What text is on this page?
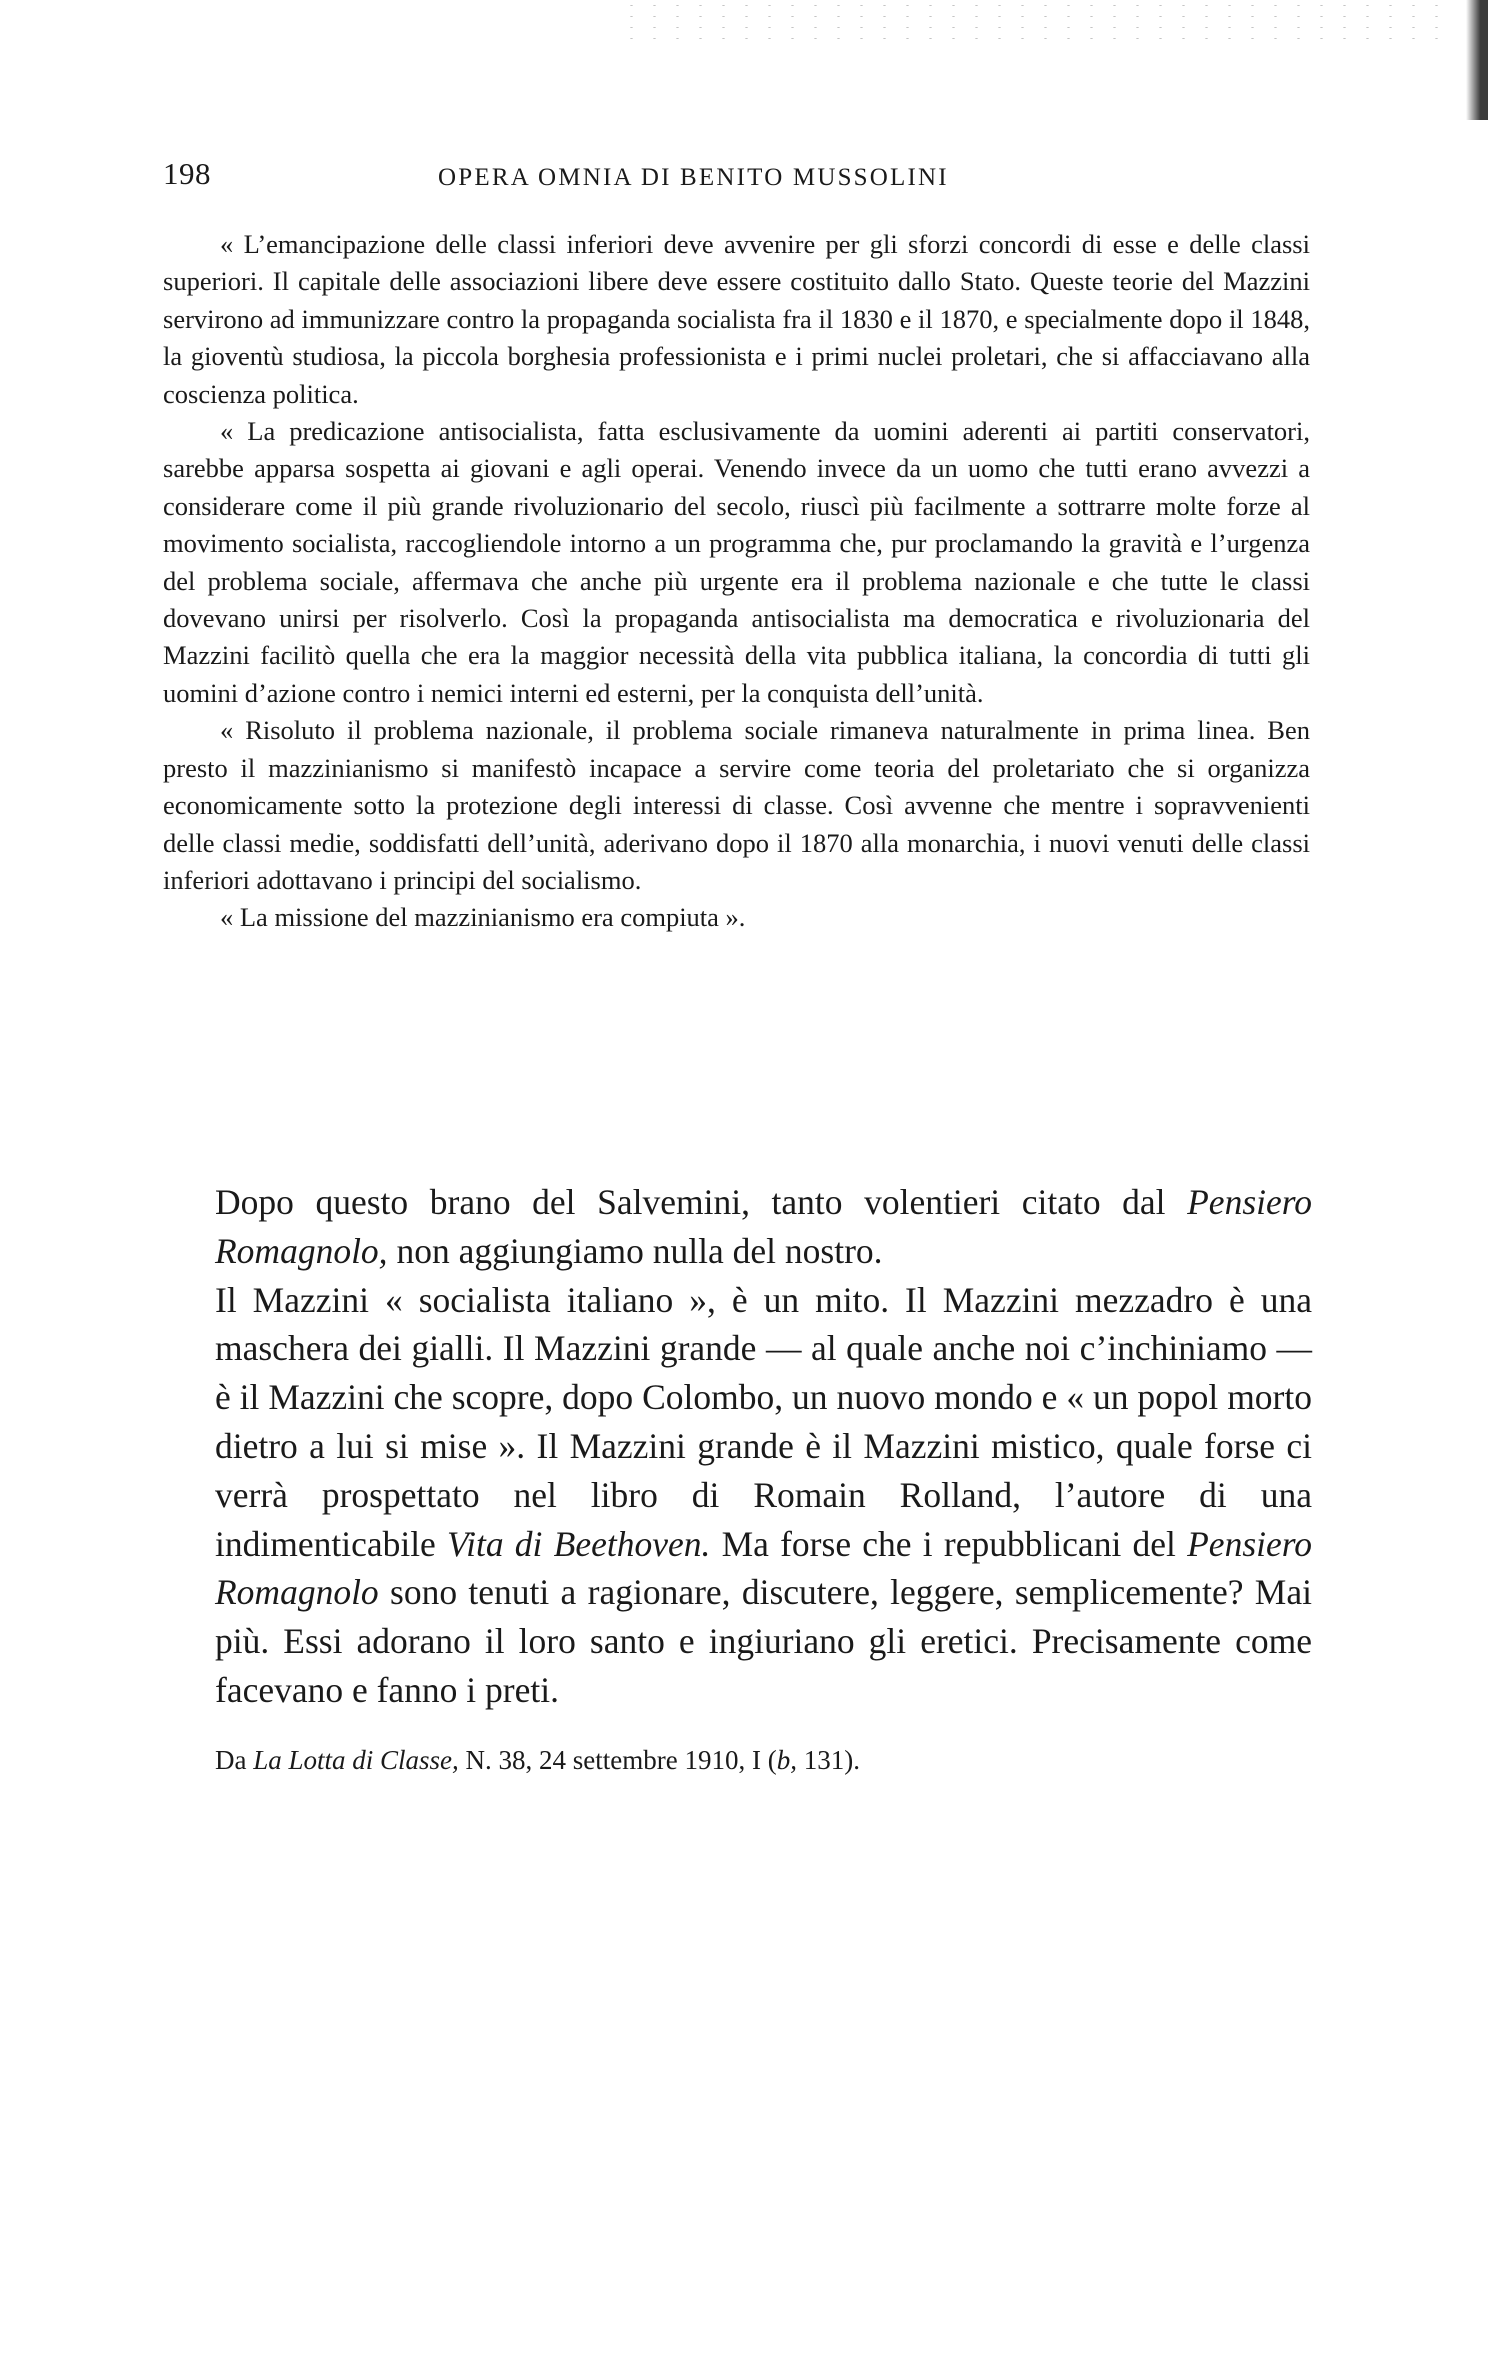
198	OPERA OMNIA DI BENITO MUSSOLINI

« L’emancipazione delle classi inferiori deve avvenire per gli sforzi concordi di esse e delle classi superiori. Il capitale delle associazioni libere deve essere costituito dallo Stato. Queste teorie del Mazzini servirono ad immunizzare contro la propaganda socialista fra il 1830 e il 1870, e specialmente dopo il 1848, la gioventù studiosa, la piccola borghesia professionista e i primi nuclei proletari, che si affacciavano alla coscienza politica.

« La predicazione antisocialista, fatta esclusivamente da uomini aderenti ai partiti conservatori, sarebbe apparsa sospetta ai giovani e agli operai. Venendo invece da un uomo che tutti erano avvezzi a considerare come il più grande rivoluzionario del secolo, riuscì più facilmente a sottrarre molte forze al movimento socialista, raccogliendole intorno a un programma che, pur proclamando la gravità e l’urgenza del problema sociale, affermava che anche più urgente era il problema nazionale e che tutte le classi dovevano unirsi per risolverlo. Così la propaganda antisocialista ma democratica e rivoluzionaria del Mazzini facilitò quella che era la maggior necessità della vita pubblica italiana, la concordia di tutti gli uomini d’azione contro i nemici interni ed esterni, per la conquista dell’unità.

« Risoluto il problema nazionale, il problema sociale rimaneva naturalmente in prima linea. Ben presto il mazzinianismo si manifestò incapace a servire come teoria del proletariato che si organizza economicamente sotto la protezione degli interessi di classe. Così avvenne che mentre i sopravvenienti delle classi medie, soddisfatti dell’unità, aderivano dopo il 1870 alla monarchia, i nuovi venuti delle classi inferiori adottavano i principi del socialismo.

« La missione del mazzinianismo era compiuta ».

Dopo questo brano del Salvemini, tanto volentieri citato dal Pensiero Romagnolo, non aggiungiamo nulla del nostro.

Il Mazzini « socialista italiano », è un mito. Il Mazzini mezzadro è una maschera dei gialli. Il Mazzini grande — al quale anche noi c’inchiniamo — è il Mazzini che scopre, dopo Colombo, un nuovo mondo e « un popol morto dietro a lui si mise ». Il Mazzini grande è il Mazzini mistico, quale forse ci verrà prospettato nel libro di Romain Rolland, l’autore di una indimenticabile Vita di Beethoven. Ma forse che i repubblicani del Pensiero Romagnolo sono tenuti a ragionare, discutere, leggere, semplicemente? Mai più. Essi adorano il loro santo e ingiuriano gli eretici. Precisamente come facevano e fanno i preti.

Da La Lotta di Classe, N. 38, 24 settembre 1910, I (b, 131).
